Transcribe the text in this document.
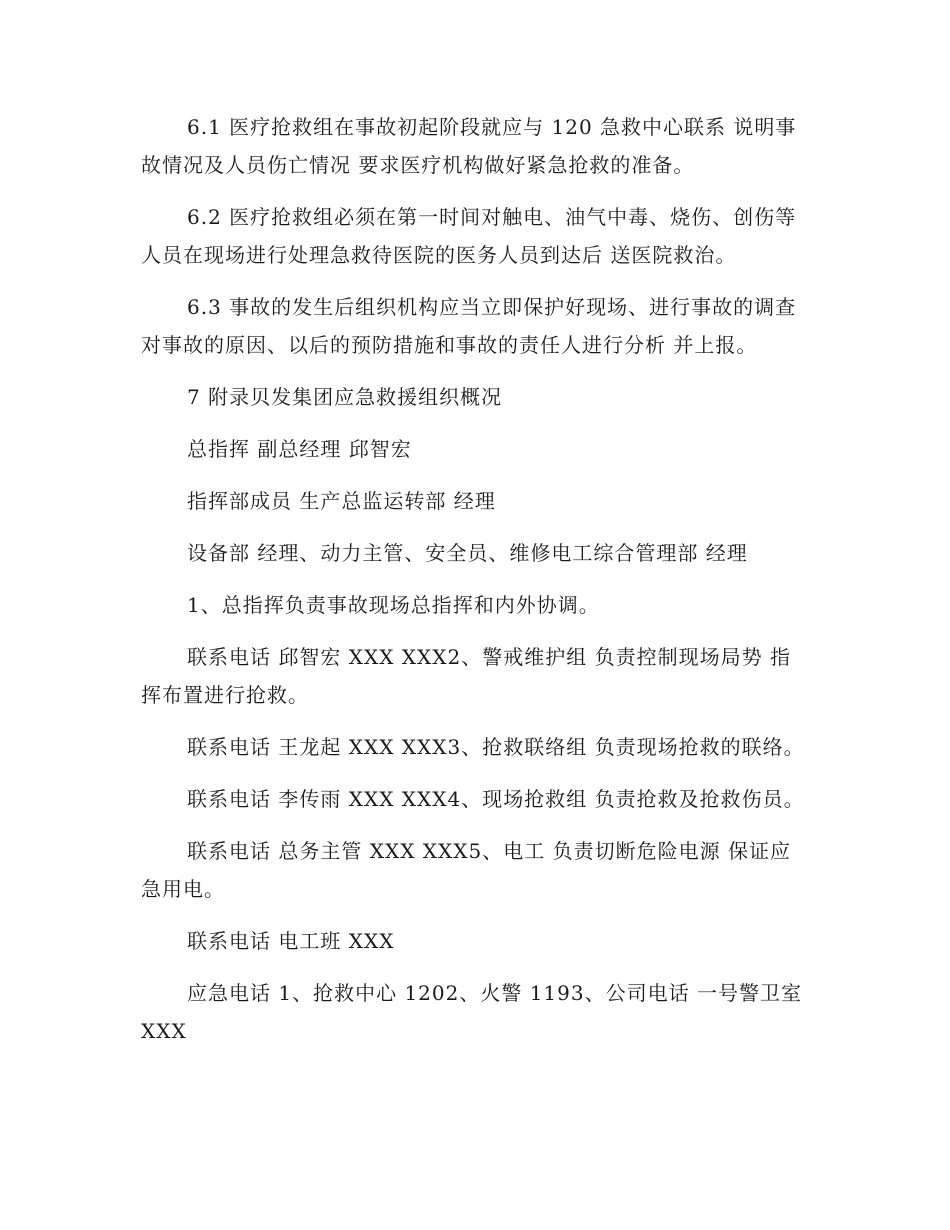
6.1 医疗抢救组在事故初起阶段就应与 120 急救中心联系 说明事故情况及人员伤亡情况 要求医疗机构做好紧急抢救的准备。

6.2 医疗抢救组必须在第一时间对触电、油气中毒、烧伤、创伤等人员在现场进行处理急救待医院的医务人员到达后 送医院救治。

6.3 事故的发生后组织机构应当立即保护好现场、进行事故的调查对事故的原因、以后的预防措施和事故的责任人进行分析 并上报。

7 附录贝发集团应急救援组织概况

总指挥 副总经理 邱智宏

指挥部成员 生产总监运转部 经理

设备部 经理、动力主管、安全员、维修电工综合管理部 经理

1、总指挥负责事故现场总指挥和内外协调。

联系电话 邱智宏 XXX XXX2、警戒维护组 负责控制现场局势 指挥布置进行抢救。

联系电话 王龙起 XXX XXX3、抢救联络组 负责现场抢救的联络。

联系电话 李传雨 XXX XXX4、现场抢救组 负责抢救及抢救伤员。

联系电话 总务主管 XXX XXX5、电工 负责切断危险电源 保证应急用电。

联系电话 电工班 XXX

应急电话 1、抢救中心 1202、火警 1193、公司电话 一号警卫室 XXX
